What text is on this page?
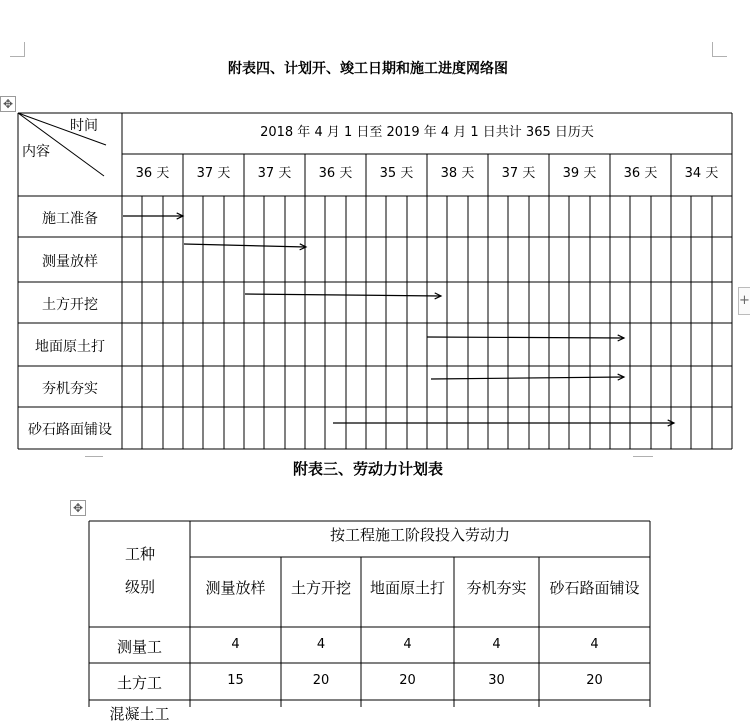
附表四、计划开、竣工日期和施工进度网络图
✥
✥
+
时间
内容
2018 年 4 月 1 日至 2019 年 4 月 1 日共计 365 日历天
36 天	37 天	37 天	36 天	35 天	38 天	37 天	39 天	36 天	34 天
施工准备
测量放样
土方开挖
地面原土打
夯机夯实
砂石路面铺设
附表三、劳动力计划表
工种
级别
按工程施工阶段投入劳动力
测量放样	土方开挖	地面原土打	夯机夯实	砂石路面铺设
测量工	4	4	4	4	4
土方工	15	20	20	30	20
混凝土工
